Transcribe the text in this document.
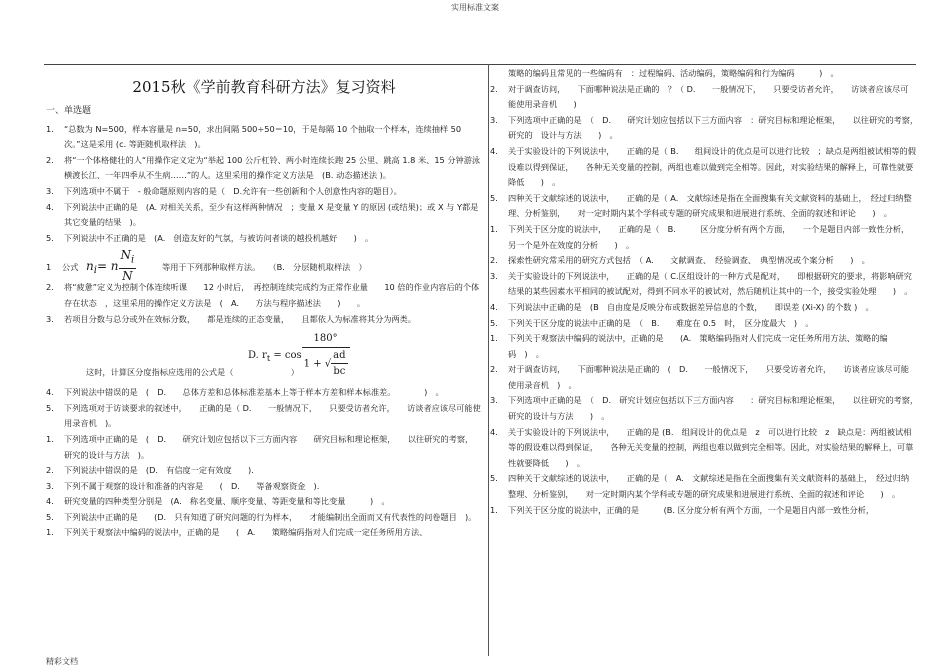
实用标准文案
2015秋《学前教育科研方法》复习资料
一、单选题
1. “总数为 N=500，样本容量是 n=50，求出间隔 500÷50＝10，于是每隔 10 个抽取一个样本，连续抽样 50 次。”这是采用 (c. 等距随机取样法　)。
2. 将“一个体格健壮的人“用操作定义定为“举起 100 公斤杠铃、两小时连续长跑 25 公里、跳高 1.8 米、15 分钟游泳横渡长江、一年四季从不生病……”的人。这里采用的操作定义方法是　(B. 动态描述法 )。
3. 下列选项中不属于　- 般命题原则内容的是（　D.允许有一些创新和个人创意性内容的题目）。
4. 下列说法中正确的是　(A. 对相关关系，至少有这样两种情况　；变量 X 是变量 Y 的原因 (或结果)；或 X 与 Y都是其它变量的结果　)。
5. 下列说法中不正确的是　(A.　创造友好的气氛，与被访问者谈的越投机越好　　)　。
1 公式 $n_i= n \frac{N_i}{N}$	等用于下列那种取样方法。　　（B.　分层随机取样法　）
2. 将“疲惫”定义为控制个体连续听课　　12 小时后，　再控制连续完成约为正常作业量　　10 倍的作业内容后的个体存在状态　，这里采用的操作定义方法是　(　A.　　方法与程序描述法　　)　　。
3. 若项目分数与总分或外在效标分数，　　都是连续的正态变量，　　且都依人为标准将其分为两类。
D. $r_t = \cos \frac{180^\circ}{1 + √ \frac{ad}{bc}}$
这时，计算区分度指标应选用的公式是（　　　　　　　）
4. 下列说法中错误的是　(　D.　　总体方差和总体标准差基本上等于样本方差和样本标准差。　　　　)　。
5. 下列选项对于访谈要求的叙述中，　　正确的是（ D.　　一般情况下，　　只要受访者允许，　　访谈者应该尽可能使用录音机　)。
1. 下列选项中正确的是　(　D.　　研究计划应包括以下三方面内容　　研究目标和理论框架，　　以往研究的考察，　研究的设计与方法　)。
2. 下列说法中错误的是　(D.　有信度一定有效度　　).
3. 下列不属于观察的设计和准备的内容是　　(　D.　　等备观察资金　).
4. 研究变量的四种类型分别是　(A.　称名变量、顺序变量、等距变量和等比变量　　　)　。
5. 下列说法中正确的是　　(D.　只有知道了研究问题的行为样本，　　才能编制出全面而又有代表性的问卷题目　)。
1. 下列关于观察法中编码的说法中，正确的是　　(　A.　　策略编码指对人们完成一定任务所用方法、
策略的编码且常见的一些编码有　：过程编码、活动编码，策略编码和行为编码　　　)　。
2. 对于调查访问，　　下面哪种说法是正确的　？（ D.　　一般情况下，　　只要受访者允许，　　访谈者应该尽可能使用录音机　　)
3. 下列选项中正确的是　（　D.　　研究计划应包括以下三方面内容　：研究目标和理论框架，　　以往研究的考察，　　研究的　设计与方法　　)　。
4. 关于实验设计的下列说法中，　　正确的是（ B.　　组间设计的优点是可以进行比较　；缺点是两组被试相等的假设难以得到保证，　　各种无关变量的控制，两组也难以做到完全相等。因此，对实验结果的解释上，可靠性就要降低　　)　。
5. 四种关于文献综述的说法中，　　正确的是（ A.　文献综述是指在全面搜集有关文献资料的基础上，　经过归纳整理、分析鉴别，　　对一定时期内某个学科或专题的研究成果和进展进行系统、全面的叙述和评论　　)　。
1. 下列关于区分度的说法中，　　正确的是（　B.　　　区分度分析有两个方面，　　一个是题目内部一致性分析，　另一个是外在效度的分析　　)　。
2. 探索性研究常采用的研究方式包括　（ A.　　文献调查、　经验调查、　典型情况或个案分析　　)　。
3. 关于实验设计的下列说法中，　　正确的是（ C.区组设计的一种方式是配对，　　即根据研究的要求，将影响研究结果的某些因素水平相同的被试配对，得到不同水平的被试对，然后随机让其中的一个，接受实验处理　　)　。
4. 下列说法中正确的是　(B　自由度是反映分布或数据差异信息的个数，　　即误差 (Xi-X) 的个数 )　。
5. 下列关于区分度的说法中正确的是　（　B.　　难度在 0.5　时，　区分度最大　)　。
1. 下列关于观察法中编码的说法中，正确的是　　(A.　策略编码指对人们完成一定任务所用方法、策略的编码　)　。
2. 对于调查访问，　　下面哪种说法是正确的　(　D.　　一般情况下，　　只要受访者允许，　　访谈者应该尽可能使用录音机　)　。
3. 下列选项中正确的是　（　D.　研究计划应包括以下三方面内容　　：研究目标和理论框架，　　以往研究的考察，　研究的设计与方法　　)　。
4. 关于实验设计的下列说法中，　　正确的是 (B.　组间设计的优点是　z　可以进行比较　z　缺点是：两组被试相等的假设难以得到保证，　　各种无关变量的控制，两组也难以做到完全相等。因此，对实验结果的解释上，可靠性就要降低　　)　。
5. 四种关于文献综述的说法中，　　正确的是（　A.　文献综述是指在全面搜集有关文献资料的基础上，　经过归纳整理、分析鉴别，　　对一定时期内某个学科或专题的研究成果和进展进行系统、全面的叙述和评论　　)　。
1. 下列关于区分度的说法中，正确的是　　　(B. 区分度分析有两个方面，一个是题目内部一致性分析，
精彩文档
